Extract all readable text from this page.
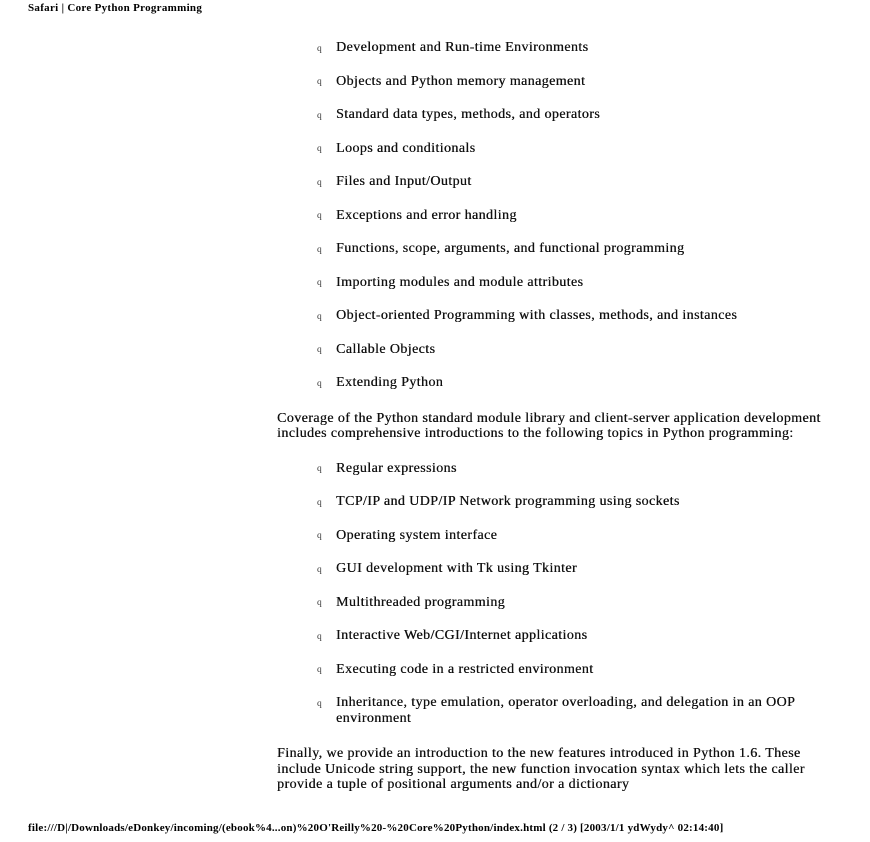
Safari | Core Python Programming
q Development and Run-time Environments
q Objects and Python memory management
q Standard data types, methods, and operators
q Loops and conditionals
q Files and Input/Output
q Exceptions and error handling
q Functions, scope, arguments, and functional programming
q Importing modules and module attributes
q Object-oriented Programming with classes, methods, and instances
q Callable Objects
q Extending Python

Coverage of the Python standard module library and client-server application development includes comprehensive introductions to the following topics in Python programming:

q Regular expressions
q TCP/IP and UDP/IP Network programming using sockets
q Operating system interface
q GUI development with Tk using Tkinter
q Multithreaded programming
q Interactive Web/CGI/Internet applications
q Executing code in a restricted environment
q Inheritance, type emulation, operator overloading, and delegation in an OOP environment

Finally, we provide an introduction to the new features introduced in Python 1.6. These include Unicode string support, the new function invocation syntax which lets the caller provide a tuple of positional arguments and/or a dictionary

file:///D|/Downloads/eDonkey/incoming/(ebook%4...on)%20O'Reilly%20-%20Core%20Python/index.html (2 / 3) [2003/1/1 ydWydy^ 02:14:40]
